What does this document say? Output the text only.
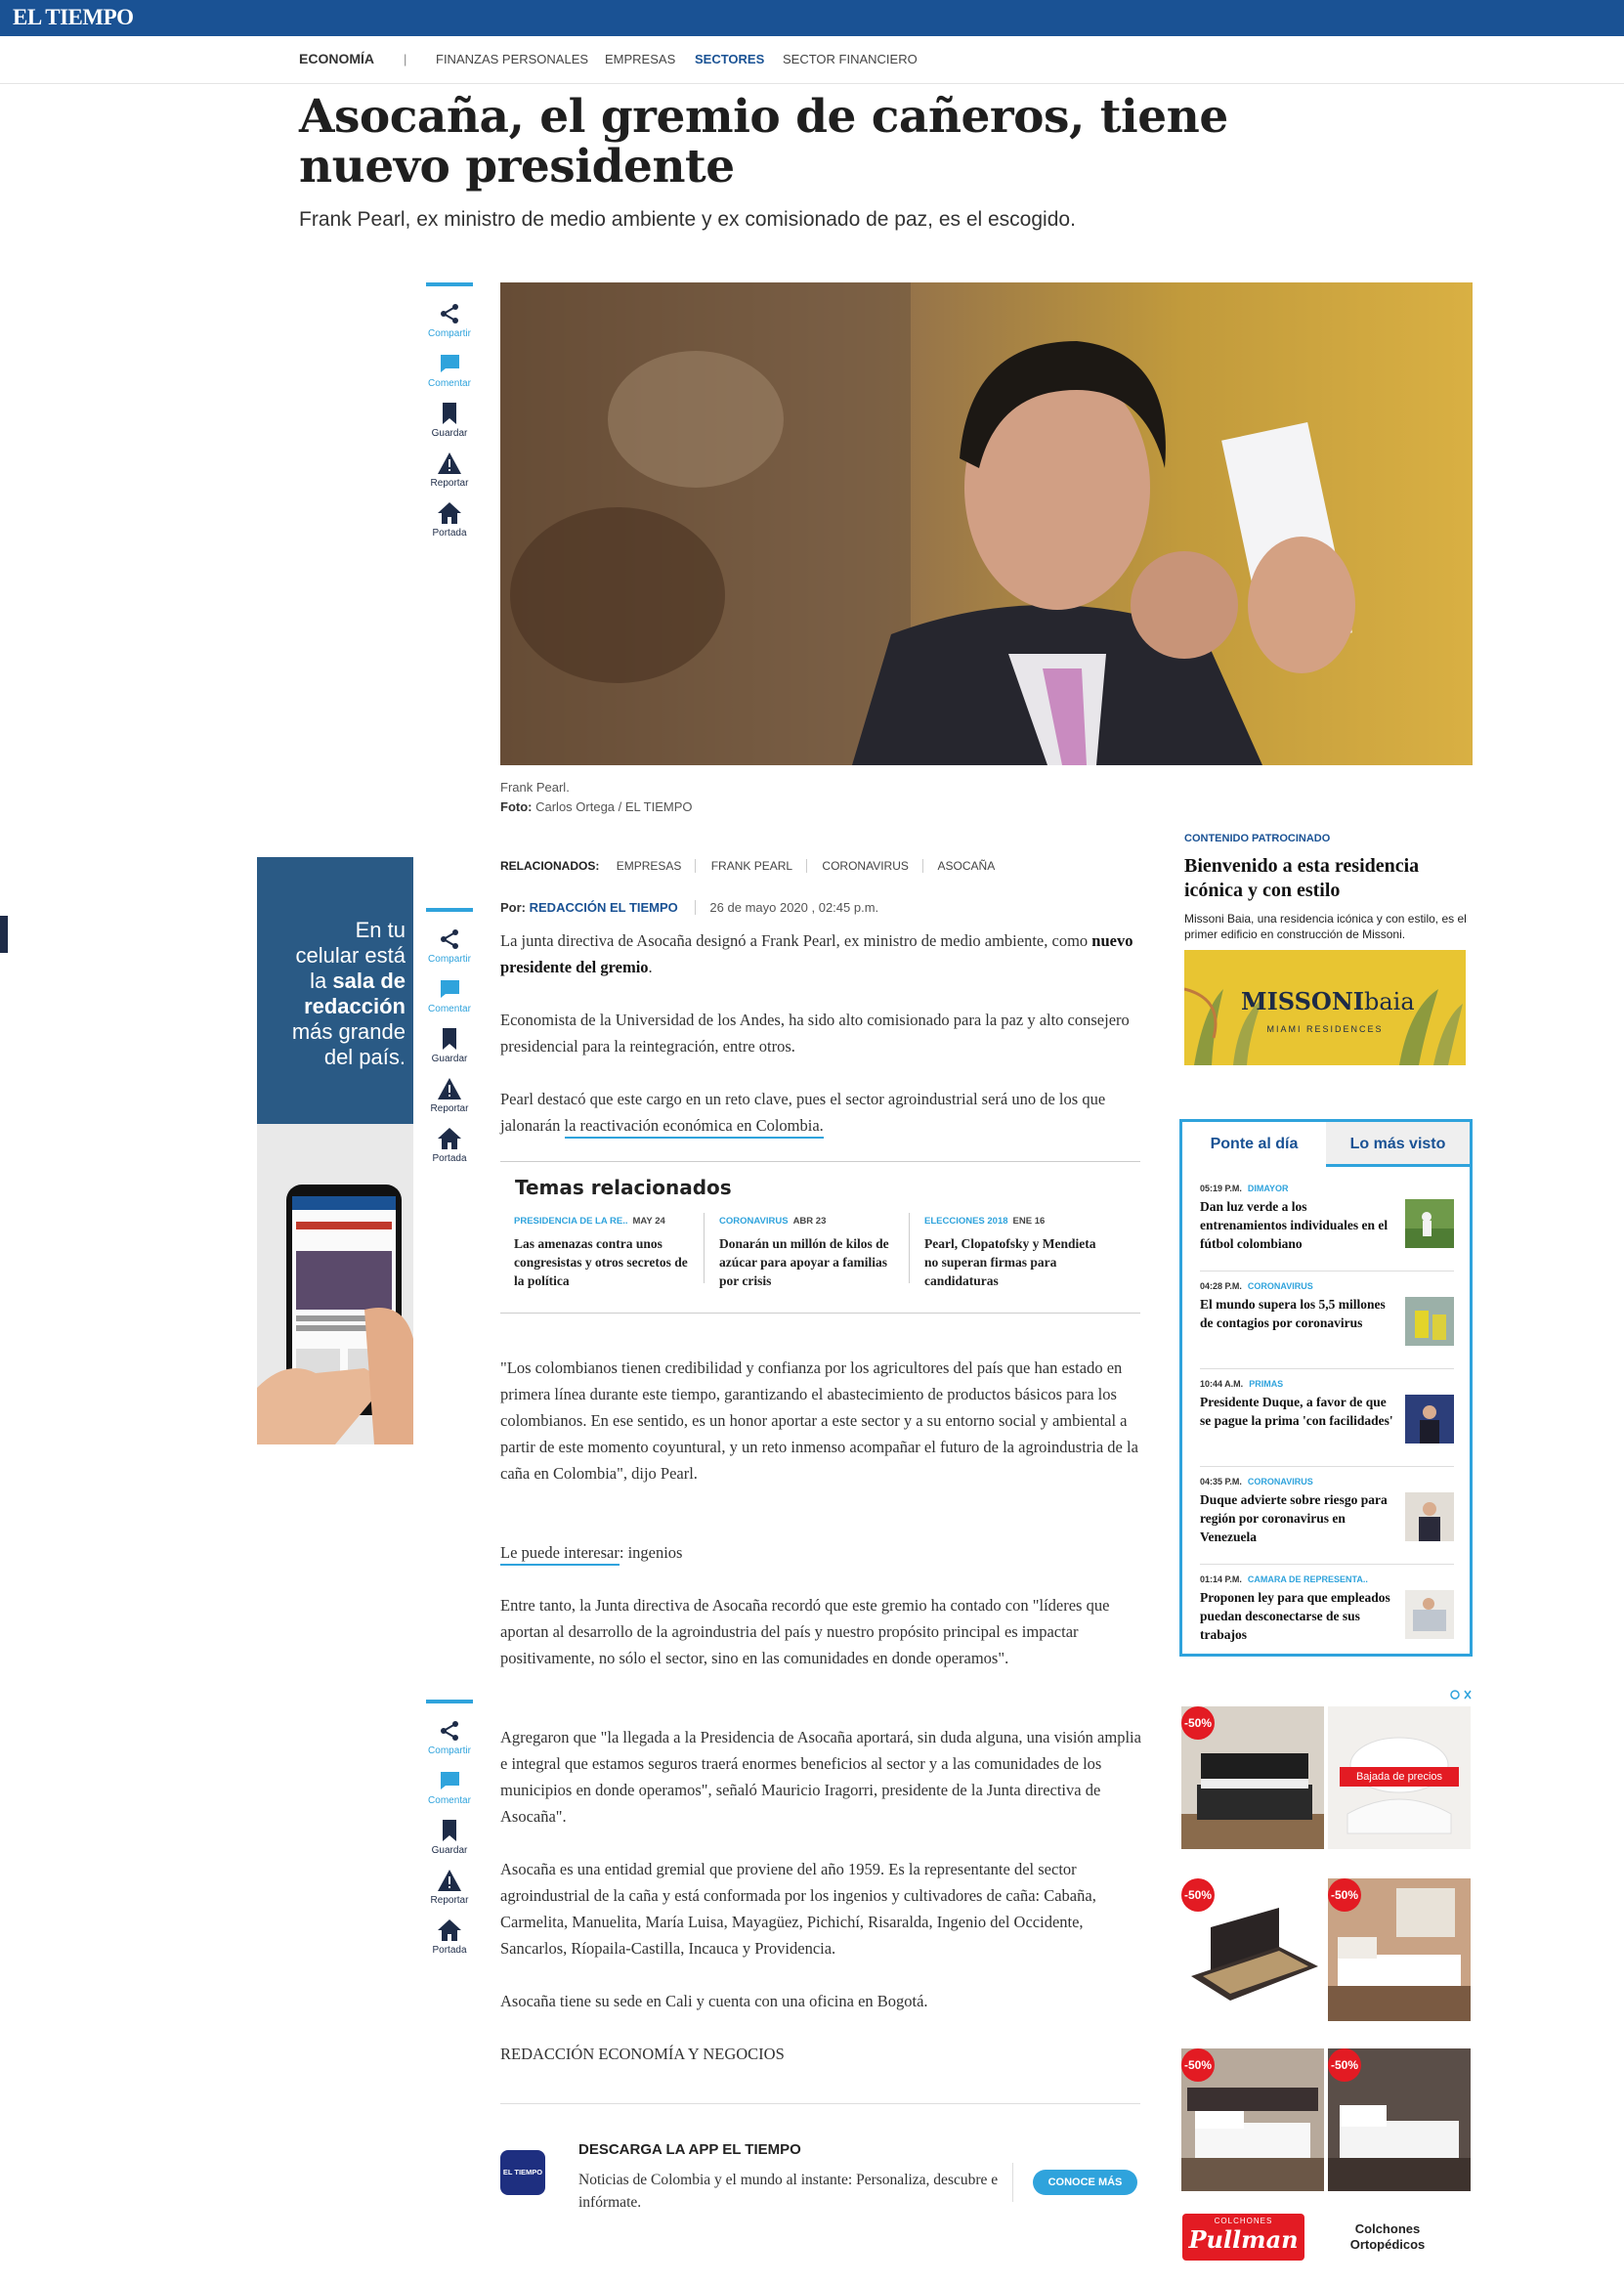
EL TIEMPO
ECONOMÍA | FINANZAS PERSONALES EMPRESAS SECTORES SECTOR FINANCIERO
Asocaña, el gremio de cañeros, tiene nuevo presidente

Frank Pearl, ex ministro de medio ambiente y ex comisionado de paz, es el escogido.

Compartir
Comentar
Guardar
Reportar
Portada
Frank Pearl.
Foto: Carlos Ortega / EL TIEMPO
RELACIONADOS: EMPRESAS	FRANK PEARL	CORONAVIRUS ASOCAÑA
Por: REDACCIÓN EL TIEMPO	26 de mayo 2020 , 02:45 p.m.
Compartir
Comentar
Guardar
Reportar
Portada
Compartir
Comentar
Guardar
Reportar
Portada
En tu
celular está
la sala de
redacción
más grande
del país.

La junta directiva de Asocaña designó a Frank Pearl, ex ministro de medio ambiente, como nuevo presidente del gremio.

Economista de la Universidad de los Andes, ha sido alto comisionado para la paz y alto consejero presidencial para la reintegración, entre otros.

Pearl destacó que este cargo en un reto clave, pues el sector agroindustrial será uno de los que jalonarán la reactivación económica en Colombia.

Temas relacionados
PRESIDENCIA DE LA RE.. MAY 24
Las amenazas contra unos congresistas y otros secretos de la política
CORONAVIRUS ABR 23
Donarán un millón de kilos de azúcar para apoyar a familias por crisis
ELECCIONES 2018 ENE 16
Pearl, Clopatofsky y Mendieta no superan firmas para candidaturas

"Los colombianos tienen credibilidad y confianza por los agricultores del país que han estado en primera línea durante este tiempo, garantizando el abastecimiento de productos básicos para los colombianos. En ese sentido, es un honor aportar a este sector y a su entorno social y ambiental a partir de este momento coyuntural, y un reto inmenso acompañar el futuro de la agroindustria de la caña en Colombia", dijo Pearl.

Le puede interesar: ingenios

Entre tanto, la Junta directiva de Asocaña recordó que este gremio ha contado con "líderes que aportan al desarrollo de la agroindustria del país y nuestro propósito principal es impactar positivamente, no sólo el sector, sino en las comunidades en donde operamos".

Agregaron que "la llegada a la Presidencia de Asocaña aportará, sin duda alguna, una visión amplia e integral que estamos seguros traerá enormes beneficios al sector y a las comunidades de los municipios en donde operamos", señaló Mauricio Iragorri, presidente de la Junta directiva de Asocaña".

Asocaña es una entidad gremial que proviene del año 1959. Es la representante del sector agroindustrial de la caña y está conformada por los ingenios y cultivadores de caña: Cabaña, Carmelita, Manuelita, María Luisa, Mayagüez, Pichichí, Risaralda, Ingenio del Occidente, Sancarlos, Ríopaila-Castilla, Incauca y Providencia.

Asocaña tiene su sede en Cali y cuenta con una oficina en Bogotá.

REDACCIÓN ECONOMÍA Y NEGOCIOS

EL TIEMPO
DESCARGA LA APP EL TIEMPO
Noticias de Colombia y el mundo al instante: Personaliza, descubre e infórmate.
CONOCE MÁS
CONTENIDO PATROCINADO
Bienvenido a esta residencia icónica y con estilo
Missoni Baia, una residencia icónica y con estilo, es el primer edificio en construcción de Missoni.
MISSONIbaia
MIAMI RESIDENCES
Ponte al día	Lo más visto
05:19 P.M. DIMAYOR
Dan luz verde a los entrenamientos individuales en el fútbol colombiano
04:28 P.M. CORONAVIRUS
El mundo supera los 5,5 millones de contagios por coronavirus
10:44 A.M. PRIMAS
Presidente Duque, a favor de que se pague la prima 'con facilidades'
04:35 P.M. CORONAVIRUS
Duque advierte sobre riesgo para región por coronavirus en Venezuela
01:14 P.M. CAMARA DE REPRESENTA..
Proponen ley para que empleados puedan desconectarse de sus trabajos
-50%
Bajada de precios
-50%	-50%
-50%	-50%
COLCHONES
Pullman	Colchones
Ortopédicos
